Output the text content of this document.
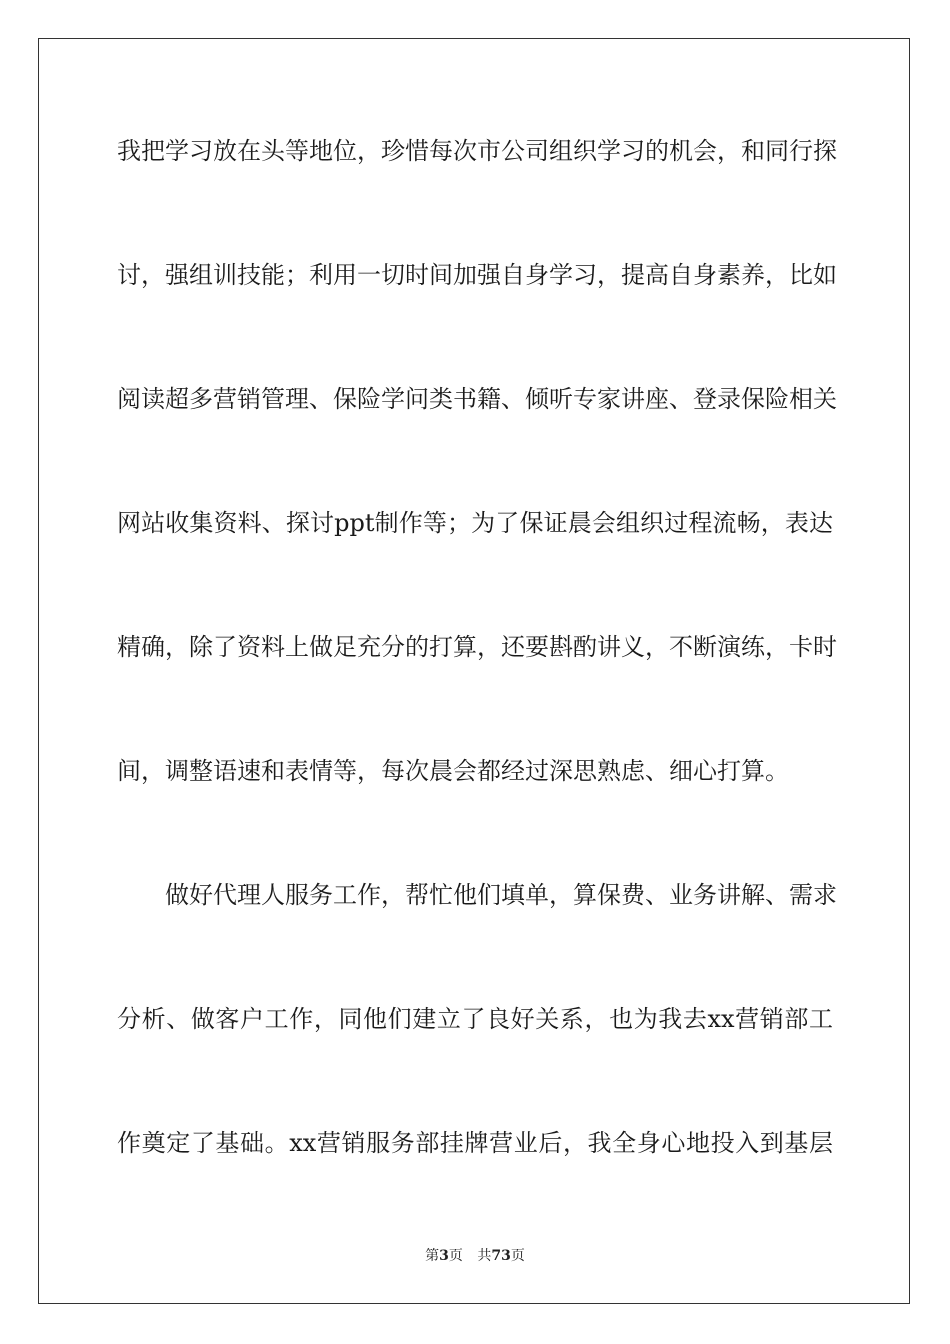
我把学习放在头等地位，珍惜每次市公司组织学习的机会，和同行探
讨，强组训技能；利用一切时间加强自身学习，提高自身素养，比如
阅读超多营销管理、保险学问类书籍、倾听专家讲座、登录保险相关
网站收集资料、探讨ppt制作等；为了保证晨会组织过程流畅，表达
精确，除了资料上做足充分的打算，还要斟酌讲义，不断演练，卡时
间，调整语速和表情等，每次晨会都经过深思熟虑、细心打算。
做好代理人服务工作，帮忙他们填单，算保费、业务讲解、需求
分析、做客户工作，同他们建立了良好关系，也为我去xx营销部工
作奠定了基础。xx营销服务部挂牌营业后，我全身心地投入到基层
第3页 共73页
